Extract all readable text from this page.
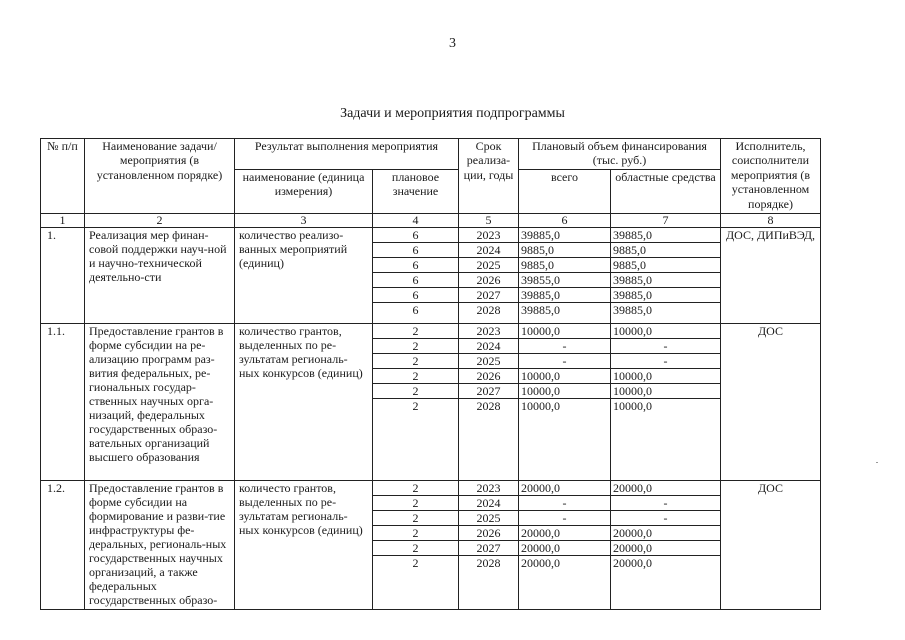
3
Задачи и мероприятия подпрограммы
№ п/п	Наименование задачи/мероприятия (в установленном порядке)	Результат выполнения мероприятия		Срок реализа-ции, годы	Плановый объем финансирования (тыс. руб.)		Исполнитель, соисполнители мероприятия (в установленном порядке)
		наименование (единица измерения)	плановое значение		всего	областные средства	
1	2	3	4	5	6	7	8
1.	Реализация мер финан-совой поддержки науч-ной и научно-технической деятельно-сти	количество реализо-ванных мероприятий (единиц)	6	2023	39885,0	39885,0	ДОС, ДИПиВЭД,
			6	2024	9885,0	9885,0	
			6	2025	9885,0	9885,0	
			6	2026	39855,0	39885,0	
			6	2027	39885,0	39885,0	
			6	2028	39885,0	39885,0	
1.1.	Предоставление грантов в форме субсидии на ре-ализацию программ раз-вития федеральных, ре-гиональных государ-ственных научных орга-низаций, федеральных государственных образо-вательных организаций высшего образования	количество грантов, выделенных по ре-зультатам региональ-ных конкурсов (единиц)	2	2023	10000,0	10000,0	ДОС
			2	2024	-	-	
			2	2025	-	-	
			2	2026	10000,0	10000,0	
			2	2027	10000,0	10000,0	
			2	2028	10000,0	10000,0	
1.2.	Предоставление грантов в форме субсидии на формирование и разви-тие инфраструктуры фе-деральных, региональ-ных государственных научных организаций, а также федеральных государственных образо-	количесто грантов, выделенных по ре-зультатам региональ-ных конкурсов (единиц)	2	2023	20000,0	20000,0	ДОС
			2	2024	-	-	
			2	2025	-	-	
			2	2026	20000,0	20000,0	
			2	2027	20000,0	20000,0	
			2	2028	20000,0	20000,0	
